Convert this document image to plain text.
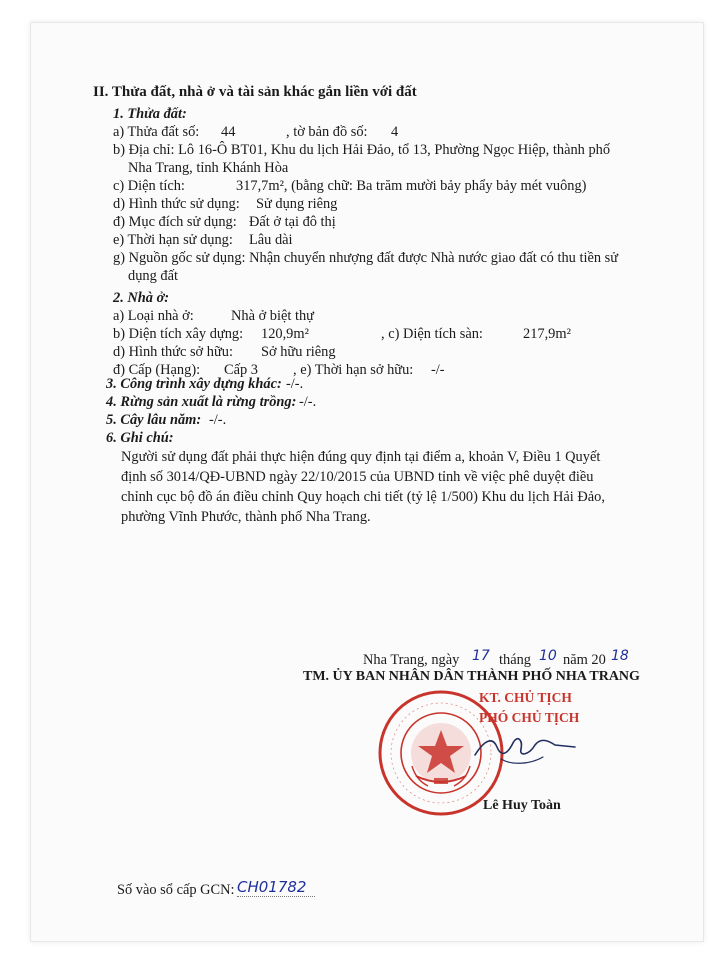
II. Thửa đất, nhà ở và tài sản khác gắn liền với đất
1. Thửa đất:
a) Thửa đất số: 44	, tờ bản đồ số: 4
b) Địa chỉ: Lô 16-Ô BT01, Khu du lịch Hải Đảo, tổ 13, Phường Ngọc Hiệp, thành phố
Nha Trang, tỉnh Khánh Hòa
c) Diện tích:	317,7m², (bằng chữ: Ba trăm mười bảy phẩy bảy mét vuông)
d) Hình thức sử dụng: Sử dụng riêng
đ) Mục đích sử dụng: Đất ở tại đô thị
e) Thời hạn sử dụng: Lâu dài
g) Nguồn gốc sử dụng: Nhận chuyển nhượng đất được Nhà nước giao đất có thu tiền sử
dụng đất
2. Nhà ở:
a) Loại nhà ở:	Nhà ở biệt thự
b) Diện tích xây dựng: 120,9m²	, c) Diện tích sàn:	217,9m²
d) Hình thức sở hữu: Sở hữu riêng
đ) Cấp (Hạng): Cấp 3 , e) Thời hạn sở hữu: -/-
3. Công trình xây dựng khác: -/-.
4. Rừng sản xuất là rừng trồng: -/-.
5. Cây lâu năm: -/-.
6. Ghi chú:
Người sử dụng đất phải thực hiện đúng quy định tại điểm a, khoản V, Điều 1 Quyết
định số 3014/QĐ-UBND ngày 22/10/2015 của UBND tỉnh về việc phê duyệt điều
chỉnh cục bộ đồ án điều chỉnh Quy hoạch chi tiết (tỷ lệ 1/500) Khu du lịch Hải Đảo,
phường Vĩnh Phước, thành phố Nha Trang.
Nha Trang, ngày 17 tháng 10 năm 20 18
TM. ỦY BAN NHÂN DÂN THÀNH PHỐ NHA TRANG
KT. CHỦ TỊCH
PHÓ CHỦ TỊCH
Lê Huy Toàn
Số vào sổ cấp GCN: CH01782
